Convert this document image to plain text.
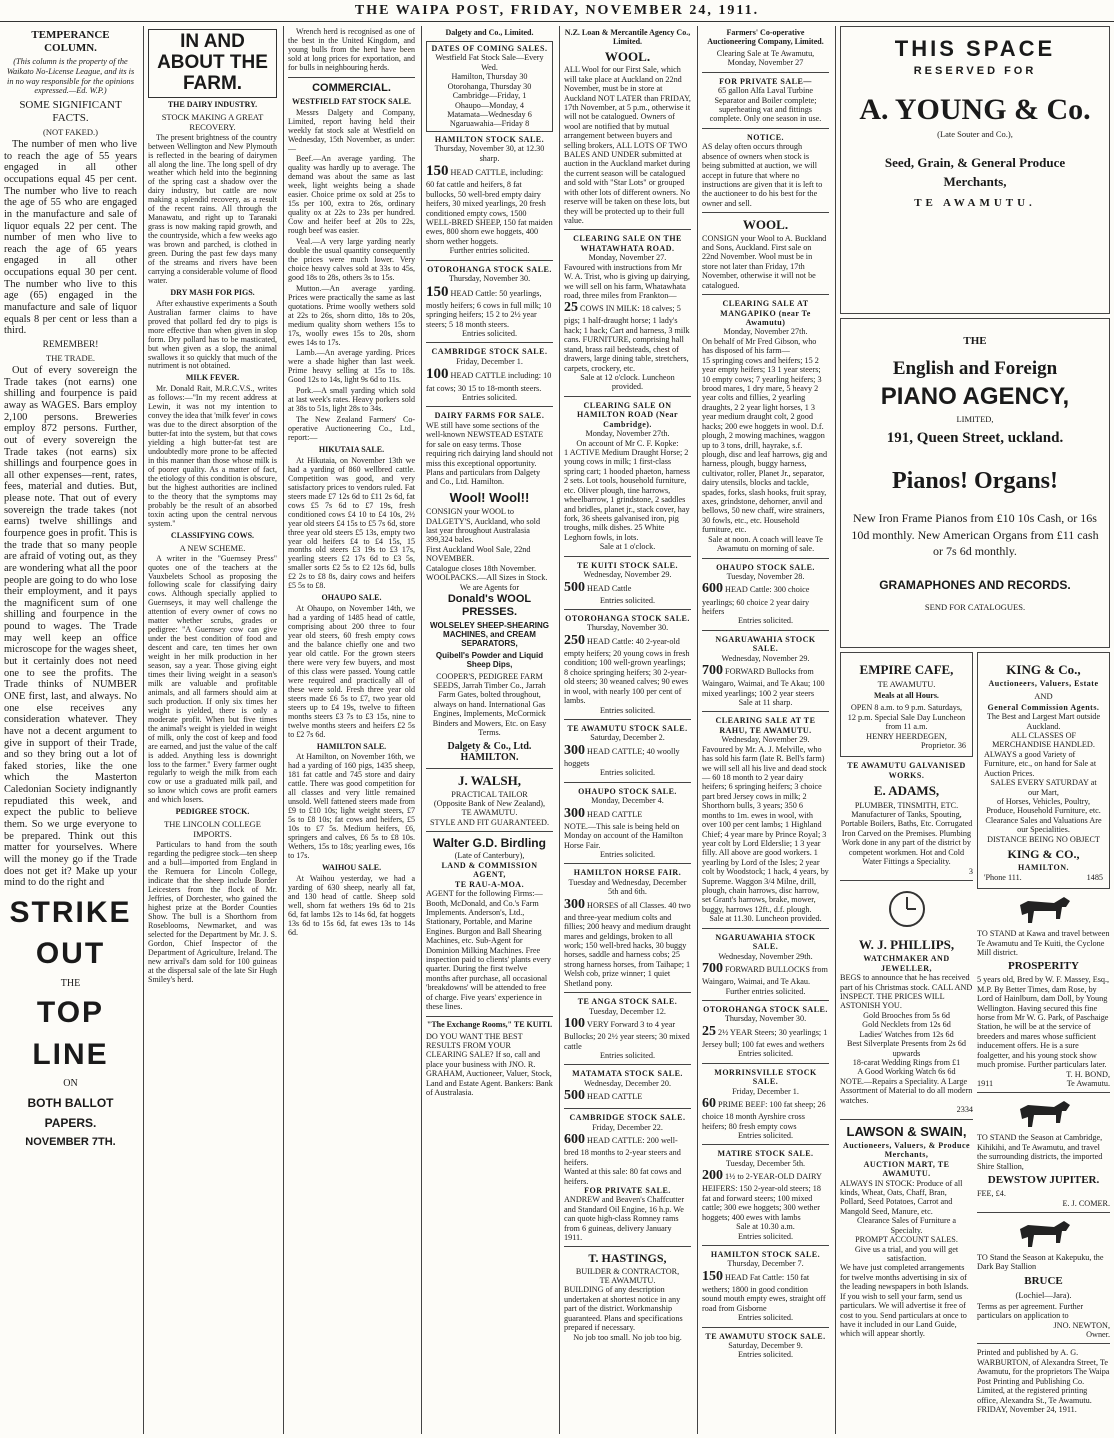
THE WAIPA POST, FRIDAY, NOVEMBER 24, 1911.
TEMPERANCE COLUMN.
(This column is the property of the Waikato No-License League, and its is in no way responsible for the opinions expressed.—Ed. W.P.)
SOME SIGNIFICANT FACTS.
(NOT FAKED.)
The number of men who live to reach the age of 55 years engaged in all other occupations equal 45 per cent. The number who live to reach the age of 55 who are engaged in the manufacture and sale of liquor equals 22 per cent. The number of men who live to reach the age of 65 years engaged in all other occupations equal 30 per cent. The number who live to this age (65) engaged in the manufacture and sale of liquor equals 8 per cent or less than a third.
REMEMBER!
THE TRADE.
Out of every sovereign the Trade takes (not earns) one shilling and fourpence is paid away as WAGES. Bars employ 2,100 persons. Breweries employ 872 persons. Further, out of every sovereign the Trade takes (not earns) six shillings and fourpence goes in all other expenses—rent, rates, fees, material and duties. But, please note. That out of every sovereign the trade takes (not earns) twelve shillings and fourpence goes in profit. This is the trade that so many people are afraid of voting out, as they are wondering what all the poor people are going to do who lose their employment, and it pays the magnificent sum of one shilling and fourpence in the pound to wages. The Trade may well keep an office microscope for the wages sheet, but it certainly does not need one to see the profits. The Trade thinks of NUMBER ONE first, last, and always. No one else receives any consideration whatever. They have not a decent argument to give in support of their Trade, and so they bring out a lot of faked stories, like the one which the Masterton Caledonian Society indignantly repudiated this week, and expect the public to believe them. So we urge everyone to be prepared. Think out this matter for yourselves. Where will the money go if the Trade does not get it? Make up your mind to do the right and
STRIKE
OUT
THE
TOP
LINE
ON
BOTH BALLOT
PAPERS.
NOVEMBER 7TH.
IN AND ABOUT THE FARM.
THE DAIRY INDUSTRY.
STOCK MAKING A GREAT RECOVERY.
The present brightness of the country between Wellington and New Plymouth is reflected in the bearing of dairymen all along the line. The long spell of dry weather which held into the beginning of the spring cast a shadow over the dairy industry, but cattle are now making a splendid recovery, as a result of the recent rains. All through the Manawatu, and right up to Taranaki grass is now making rapid growth, and the countryside, which a few weeks ago was brown and parched, is clothed in green. During the past few days many of the streams and rivers have been carrying a considerable volume of flood water.
DRY MASH FOR PIGS.
After exhaustive experiments a South Australian farmer claims to have proved that pollard fed dry to pigs is more effective than when given in slop form. Dry pollard has to be masticated, but when given as a slop, the animal swallows it so quickly that much of the nutriment is not obtained.
MILK FEVER.
Mr. Donald Rait, M.R.C.V.S., writes as follows:—"In my recent address at Lewin, it was not my intention to convey the idea that 'milk fever' in cows was due to the direct absorption of the butter-fat into the system, but that cows yielding a high butter-fat test are undoubtedly more prone to be affected in this manner than those whose milk is of poorer quality. As a matter of fact, the etiology of this condition is obscure, but the highest authorities are inclined to the theory that the symptoms may probably be the result of an absorbed toxin acting upon the central nervous system."
CLASSIFYING COWS.
A NEW SCHEME.
A writer in the "Guernsey Press" quotes one of the teachers at the Vauxbelets School as proposing the following scale for classifying dairy cows. Although specially applied to Guernseys, it may well challenge the attention of every owner of cows no matter whether scrubs, grades or pedigree: "A Guernsey cow can give under the best condition of food and descent and care, ten times her own weight in her milk production in her season, say a year. Those giving eight times their living weight in a season's milk are valuable and profitable animals, and all farmers should aim at such production. If only six times her weight is yielded, there is only a moderate profit. When but five times the animal's weight is yielded in weight of milk, only the cost of keep and food are earned, and just the value of the calf is added. Anything less is downright loss to the farmer." Every farmer ought regularly to weigh the milk from each cow or use a graduated milk pail, and so know which cows are profit earners and which losers.
PEDIGREE STOCK.
THE LINCOLN COLLEGE IMPORTS.
Particulars to hand from the south regarding the pedigree stock—ten sheep and a bull—imported from England in the Remuera for Lincoln College, indicate that the sheep include Border Leicesters from the flock of Mr. Jeffries, of Dorchester, who gained the highest prize at the Border Counties Show. The bull is a Shorthorn from Roseblooms, Newmarket, and was selected for the Department by Mr. J. S. Gordon, Chief Inspector of the Department of Agriculture, Ireland. The new arrival's dam sold for 100 guineas at the dispersal sale of the late Sir Hugh Smiley's herd.
Wrench herd is recognised as one of the best in the United Kingdom, and young bulls from the herd have been sold at long prices for exportation, and for bulls in neighbouring herds.
COMMERCIAL.
WESTFIELD FAT STOCK SALE.
Messrs Dalgety and Company, Limited, report having held their weekly fat stock sale at Westfield on Wednesday, 15th November, as under:—
Beef.—An average yarding. The quality was hardly up to average. The demand was about the same as last week, light weights being a shade easier. Choice prime ox sold at 25s to 15s per 100, extra to 26s, ordinary quality ox at 22s to 23s per hundred. Cow and heifer beef at 20s to 22s, rough beef was easier.
Veal.—A very large yarding nearly double the usual quantity consequently the prices were much lower. Very choice heavy calves sold at 33s to 45s, good 18s to 28s, others 3s to 15s.
Mutton.—An average yarding. Prices were practically the same as last quotations. Prime woolly wethers sold at 22s to 26s, shorn ditto, 18s to 20s, medium quality shorn wethers 15s to 17s, woolly ewes 15s to 20s, shorn ewes 14s to 17s.
Lamb.—An average yarding. Prices were a shade higher than last week. Prime heavy selling at 15s to 18s. Good 12s to 14s, light 9s 6d to 11s.
Pork.—A small yarding which sold at last week's rates. Heavy porkers sold at 38s to 51s, light 28s to 34s.
The New Zealand Farmers' Co-operative Auctioneering Co., Ltd., report:—
HIKUTAIA SALE.
At Hikutaia, on November 13th we had a yarding of 860 wellbred cattle. Competition was good, and very satisfactory prices to vendors ruled. Fat steers made £7 12s 6d to £11 2s 6d, fat cows £5 7s 6d to £7 19s, fresh conditioned cows £4 10 to £4 10s, 2½ year old steers £4 15s to £5 7s 6d, store three year old steers £5 13s, empty two year old heifers £4 to £4 15s, 15 months old steers £3 19s to £3 17s, yearling steers £2 17s 6d to £3 5s, smaller sorts £2 5s to £2 12s 6d, bulls £2 2s to £8 8s, dairy cows and heifers £5 5s to £8.
OHAUPO SALE.
At Ohaupo, on November 14th, we had a yarding of 1485 head of cattle, comprising about 200 three to four year old steers, 60 fresh empty cows and the balance chiefly one and two year old cattle. For the grown steers there were very few buyers, and most of this class were passed. Young cattle were required and practically all of these were sold. Fresh three year old steers made £6 5s to £7, two year old steers up to £4 19s, twelve to fifteen months steers £3 7s to £3 15s, nine to twelve months steers and heifers £2 5s to £2 7s 6d.
HAMILTON SALE.
At Hamilton, on November 16th, we had a yarding of 160 pigs, 1435 sheep, 181 fat cattle and 745 store and dairy cattle. There was good competition for all classes and very little remained unsold. Well fattened steers made from £9 to £10 10s; light weight steers, £7 5s to £8 10s; fat cows and heifers, £5 10s to £7 5s. Medium heifers, £6, springers and calves, £6 5s to £8 10s. Wethers, 15s to 18s; yearling ewes, 16s to 17s.
WAIHOU SALE.
At Waihou yesterday, we had a yarding of 630 sheep, nearly all fat, and 130 head of cattle. Sheep sold well, shorn fat wethers 19s 6d to 21s 6d, fat lambs 12s to 14s 6d, fat hoggets 13s 6d to 15s 6d, fat ewes 13s to 14s 6d.
Dalgety and Co., Limited.
DATES OF COMING SALES.
Westfield Fat Stock Sale—Every Wed.
Hamilton, Thursday 30
Otorohanga, Thursday 30
Cambridge—Friday, 1
Ohaupo—Monday, 4
Matamata—Wednesday 6
Ngaruawahia—Friday 8
HAMILTON STOCK SALE.
Thursday, November 30, at 12.30 sharp.
150 HEAD CATTLE, including: 60 fat cattle and heifers, 8 fat bullocks, 50 well-bred empty dairy heifers, 30 mixed yearlings, 20 fresh conditioned empty cows, 1500 WELL-BRED SHEEP, 150 fat maiden ewes, 800 shorn ewe hoggets, 400 shorn wether hoggets.
Further entries solicited.
OTOROHANGA STOCK SALE.
Thursday, November 30.
150 HEAD Cattle: 50 yearlings, mostly heifers; 6 cows in full milk; 10 springing heifers; 15 2 to 2½ year steers; 5 18 month steers.
Entries solicited.
CAMBRIDGE STOCK SALE.
Friday, December 1.
100 HEAD CATTLE including: 10 fat cows; 30 15 to 18-month steers.
Entries solicited.
DAIRY FARMS FOR SALE.
WE still have some sections of the well-known NEWSTEAD ESTATE for sale on easy terms. Those requiring rich dairying land should not miss this exceptional opportunity. Plans and particulars from Dalgety and Co., Ltd. Hamilton.
Wool! Wool!!
CONSIGN your WOOL to DALGETY'S, Auckland, who sold last year throughout Australasia 399,324 bales.
First Auckland Wool Sale, 22nd NOVEMBER.
Catalogue closes 18th November.
WOOLPACKS.—All Sizes in Stock.
We are Agents for
Donald's WOOL PRESSES.
WOLSELEY SHEEP-SHEARING MACHINES, and CREAM SEPARATORS,
Quibell's Powder and Liquid Sheep Dips,
COOPER'S, PEDIGREE FARM SEEDS, Jarrah Timber Co., Jarrah Farm Gates, bolted throughout, always on hand. International Gas Engines, Implements, McCormick Binders and Mowers, Etc. on Easy Terms.
Dalgety & Co., Ltd. HAMILTON.
J. WALSH,
PRACTICAL TAILOR
(Opposite Bank of New Zealand),
TE AWAMUTU.
STYLE AND FIT GUARANTEED.
Walter G.D. Birdling
(Late of Canterbury),
LAND & COMMISSION AGENT,
TE RAU-A-MOA.
AGENT for the following Firms:— Booth, McDonald, and Co.'s Farm Implements. Anderson's, Ltd., Stationary, Portable, and Marine Engines. Burgon and Ball Shearing Machines, etc. Sub-Agent for Dominion Milking Machines. Free inspection paid to clients' plants every quarter. During the first twelve months after purchase, all occasional 'breakdowns' will be attended to free of charge. Five years' experience in these lines.
"The Exchange Rooms," TE KUITI.
DO YOU WANT THE BEST RESULTS FROM YOUR CLEARING SALE? If so, call and place your business with JNO. R. GRAHAM, Auctioneer, Valuer, Stock, Land and Estate Agent. Bankers: Bank of Australasia.
N.Z. Loan & Mercantile Agency Co., Limited.
WOOL.
ALL Wool for our First Sale, which will take place at Auckland on 22nd November, must be in store at Auckland NOT LATER than FRIDAY, 17th November, at 5 p.m., otherwise it will not be catalogued. Owners of wool are notified that by mutual arrangement between buyers and selling brokers, ALL LOTS OF TWO BALES AND UNDER submitted at auction in the Auckland market during the current season will be catalogued and sold with "Star Lots" or grouped with other lots of different owners. No reserve will be taken on these lots, but they will be protected up to their full value.
CLEARING SALE ON THE WHATAWHATA ROAD.
Monday, November 27.
Favoured with instructions from Mr W. A. Trist, who is giving up dairying, we will sell on his farm, Whatawhata road, three miles from Frankton—
25 COWS IN MILK: 18 calves; 5 pigs; 1 half-draught horse; 1 lady's hack; 1 hack; Cart and harness, 3 milk cans. FURNITURE, comprising hall stand, brass rail bedsteads, chest of drawers, large dining table, stretchers, carpets, crockery, etc.
Sale at 12 o'clock. Luncheon provided.
CLEARING SALE ON HAMILTON ROAD (Near Cambridge).
Monday, November 27th.
On account of Mr C. F. Kopke:
1 ACTIVE Medium Draught Horse; 2 young cows in milk; 1 first-class spring cart; 1 hooded phaeton, harness 2 sets. Lot tools, household furniture, etc. Oliver plough, tine harrows, wheelbarrow, 1 grindstone, 2 saddles and bridles, planet jr., stack cover, hay fork, 36 sheets galvanised iron, pig troughs, milk dishes. 25 White Leghorn fowls, in lots.
Sale at 1 o'clock.
TE KUITI STOCK SALE.
Wednesday, November 29.
500 HEAD Cattle
Entries solicited.
OTOROHANGA STOCK SALE.
Thursday, November 30.
250 HEAD Cattle: 40 2-year-old empty heifers; 20 young cows in fresh condition; 100 well-grown yearlings; 8 choice springing heifers; 30 2-year-old steers; 30 weaned calves; 90 ewes in wool, with nearly 100 per cent of lambs.
Entries solicited.
TE AWAMUTU STOCK SALE.
Saturday, December 2.
300 HEAD CATTLE; 40 woolly hoggets
Entries solicited.
OHAUPO STOCK SALE.
Monday, December 4.
300 HEAD CATTLE
NOTE.—This sale is being held on Monday on account of the Hamilton Horse Fair.
Entries solicited.
HAMILTON HORSE FAIR.
Tuesday and Wednesday, December 5th and 6th.
300 HORSES of all Classes. 40 two and three-year medium colts and fillies; 200 heavy and medium draught mares and geldings, broken to all work; 150 well-bred hacks, 30 buggy horses, saddle and harness cobs; 25 strong harness horses, from Taihape; 1 Welsh cob, prize winner; 1 quiet Shetland pony.
TE ANGA STOCK SALE.
Tuesday, December 12.
100 VERY Forward 3 to 4 year Bullocks; 20 2½ year steers; 30 mixed cattle
Entries solicited.
MATAMATA STOCK SALE.
Wednesday, December 20.
500 HEAD CATTLE
CAMBRIDGE STOCK SALE.
Friday, December 22.
600 HEAD CATTLE: 200 well-bred 18 months to 2-year steers and heifers.
Wanted at this sale: 80 fat cows and heifers.
FOR PRIVATE SALE.
ANDREW and Beaven's Chaffcutter and Standard Oil Engine, 16 h.p. We can quote high-class Romney rams from 6 guineas, delivery January 1911.
T. HASTINGS,
BUILDER & CONTRACTOR,
TE AWAMUTU.
BUILDING of any description undertaken at shortest notice in any part of the district. Workmanship guaranteed. Plans and specifications prepared if necessary.
No job too small. No job too big.
Farmers' Co-operative Auctioneering Company, Limited.
Clearing Sale at Te Awamutu, Monday, November 27
FOR PRIVATE SALE—
65 gallon Alfa Laval Turbine Separator and Boiler complete; superheating vat and fittings complete. Only one season in use.
NOTICE.
AS delay often occurs through absence of owners when stock is being submitted at auction, we will accept in future that where no instructions are given that it is left to the auctioneer to do his best for the owner and sell.
WOOL.
CONSIGN your Wool to A. Buckland and Sons, Auckland. First sale on 22nd November. Wool must be in store not later than Friday, 17th November, otherwise it will not be catalogued.
CLEARING SALE AT MANGAPIKO (near Te Awamutu)
Monday, November 27th.
On behalf of Mr Fred Gibson, who has disposed of his farm—
15 springing cows and heifers; 15 2 year empty heifers; 13 1 year steers; 10 empty cows; 7 yearling heifers; 3 brood mares, 1 dry mare, 5 heavy 2 year colts and fillies, 2 yearling draughts, 2 2 year light horses, 1 3 year medium draught colt, 2 good hacks; 200 ewe hoggets in wool. D.f. plough, 2 mowing machines, waggon up to 3 tons, drill, hayrake, s.f. plough, disc and leaf harrows, gig and harness, plough, buggy harness, cultivator, roller, Planet Jr., separator, dairy utensils, blocks and tackle, spades, forks, slash hooks, fruit spray, axes, grindstone, dehorner, anvil and bellows, 50 new chaff, wire strainers, 30 fowls, etc., etc. Household furniture, etc.
Sale at noon. A coach will leave Te Awamutu on morning of sale.
OHAUPO STOCK SALE.
Tuesday, November 28.
600 HEAD Cattle: 300 choice yearlings; 60 choice 2 year dairy heifers
Entries solicited.
NGARUAWAHIA STOCK SALE.
Wednesday, November 29.
700 FORWARD Bullocks from Waingaro, Waimai, and Te Akau; 100 mixed yearlings; 100 2 year steers
Sale at 11 sharp.
CLEARING SALE AT TE RAHU, TE AWAMUTU.
Wednesday, November 29.
Favoured by Mr. A. J. Melville, who has sold his farm (late R. Bell's farm) we will sell all his live and dead stock— 60 18 month to 2 year dairy heifers; 6 springing heifers; 3 choice part bred Jersey cows in milk; 2 Shorthorn bulls, 3 years; 350 6 months to 1m. ewes in wool, with over 100 per cent lambs; 1 Highland Chief; 4 year mare by Prince Royal; 3 year colt by Lord Elderslie; 1 3 year filly. All above are good workers. 1 yearling by Lord of the Isles; 2 year colt by Woodstock; 1 hack, 4 years, by Supreme. Waggon 3/4 Milne, drill, plough, chain harrows, disc harrow, set Grant's harrows, brake, mower, buggy, harrows 12ft., d.f. plough.
Sale at 11.30. Luncheon provided.
NGARUAWAHIA STOCK SALE.
Wednesday, November 29th.
700 FORWARD BULLOCKS from Waingaro, Waimai, and Te Akau.
Further entries solicited.
OTOROHANGA STOCK SALE.
Thursday, November 30.
25 2½ YEAR Steers; 30 yearlings; 1 Jersey bull; 100 fat ewes and wethers
Entries solicited.
MORRINSVILLE STOCK SALE.
Friday, December 1.
60 PRIME BEEF: 100 fat sheep; 26 choice 18 month Ayrshire cross heifers; 80 fresh empty cows
Entries solicited.
MATIRE STOCK SALE.
Tuesday, December 5th.
200 1½ to 2-YEAR-OLD DAIRY HEIFERS: 150 2-year-old steers; 18 fat and forward steers; 100 mixed cattle; 300 ewe hoggets; 300 wether hoggets; 400 ewes with lambs
Sale at 10.30 a.m.
Entries solicited.
HAMILTON STOCK SALE.
Thursday, December 7.
150 HEAD Fat Cattle: 150 fat wethers; 1800 in good condition sound mouth empty ewes, straight off road from Gisborne
Entries solicited.
TE AWAMUTU STOCK SALE.
Saturday, December 9.
Entries solicited.
THIS SPACE
RESERVED FOR
A. YOUNG & Co.
(Late Souter and Co.),
Seed, Grain, & General Produce
Merchants,
TE AWAMUTU.
THE
English and Foreign
PIANO AGENCY,
LIMITED,
191, Queen Street, uckland.
Pianos! Organs!
New Iron Frame Pianos from £10 10s Cash, or 16s 10d monthly. New American Organs from £11 cash or 7s 6d monthly.
GRAMAPHONES AND RECORDS.
SEND FOR CATALOGUES.
EMPIRE CAFE,
TE AWAMUTU.
Meals at all Hours.
OPEN 8 a.m. to 9 p.m. Saturdays, 12 p.m. Special Sale Day Luncheon from 11 a.m.
HENRY HEERDEGEN,
Proprietor. 36
TE AWAMUTU GALVANISED WORKS.
E. ADAMS,
PLUMBER, TINSMITH, ETC.
Manufacturer of Tanks, Spouting, Portable Boilers, Baths, Etc. Corrugated Iron Carved on the Premises. Plumbing Work done in any part of the district by competent workmen. Hot and Cold Water Fittings a Speciality.
3
W. J. PHILLIPS,
WATCHMAKER AND JEWELLER,
BEGS to announce that he has received part of his Christmas stock. CALL AND INSPECT. THE PRICES WILL ASTONISH YOU.
Gold Brooches from 5s 6d
Gold Necklets from 12s 6d
Ladies' Watches from 12s 6d
Best Silverplate Presents from 2s 6d upwards
18-carat Wedding Rings from £1
A Good Working Watch 6s 6d
NOTE.—Repairs a Speciality. A Large Assortment of Material to do all modern watches.
2334
LAWSON & SWAIN,
Auctioneers, Valuers, & Produce Merchants,
AUCTION MART, TE AWAMUTU.
ALWAYS IN STOCK: Produce of all kinds, Wheat, Oats, Chaff, Bran, Pollard, Seed Potatoes, Carrot and Mangold Seed, Manure, etc.
Clearance Sales of Furniture a Specialty.
PROMPT ACCOUNT SALES.
Give us a trial, and you will get satisfaction.
We have just completed arrangements for twelve months advertising in six of the leading newspapers in both Islands. If you wish to sell your farm, send us particulars. We will advertise it free of cost to you. Send particulars at once to have it included in our Land Guide, which will appear shortly.
KING & Co.,
Auctioneers, Valuers, Estate
AND
General Commission Agents.
The Best and Largest Mart outside Auckland.
ALL CLASSES OF MERCHANDISE HANDLED.
ALWAYS a good Variety of Furniture, etc., on hand for Sale at Auction Prices.
SALES EVERY SATURDAY at our Mart,
of Horses, Vehicles, Poultry, Produce, Household Furniture, etc.
Clearance Sales and Valuations Are our Specialities.
DISTANCE BEING NO OBJECT
KING & CO.,
HAMILTON.
'Phone 111.	1485
TO STAND at Kawa and travel between Te Awamutu and Te Kuiti, the Cyclone Mill district.
PROSPERITY
5 years old, Bred by W. F. Massey, Esq., M.P. By Better Times, dam Rose, by Lord of Hainlburn, dam Doll, by Young Wellington. Having secured this fine horse from Mr W. G. Park, of Paschaige Station, he will be at the service of breeders and mares whose sufficient inducement offers. He is a sure foalgetter, and his young stock show much promise. Further particulars later.
T. H. BOND,
1911	Te Awamutu.
TO STAND the Season at Cambridge, Kihikihi, and Te Awamutu, and travel the surrounding districts, the imported Shire Stallion,
DEWSTOW JUPITER.
FEE, £4.
E. J. COMER.
TO Stand the Season at Kakepuku, the Dark Bay Stallion
BRUCE
(Lochiel—Jara).
Terms as per agreement. Further particulars on application to
JNO. NEWTON,
Owner.
Printed and published by A. G. WARBURTON, of Alexandra Street, Te Awamutu, for the proprietors The Waipa Post Printing and Publishing Co. Limited, at the registered printing office, Alexandra St., Te Awamutu. FRIDAY, November 24, 1911.
